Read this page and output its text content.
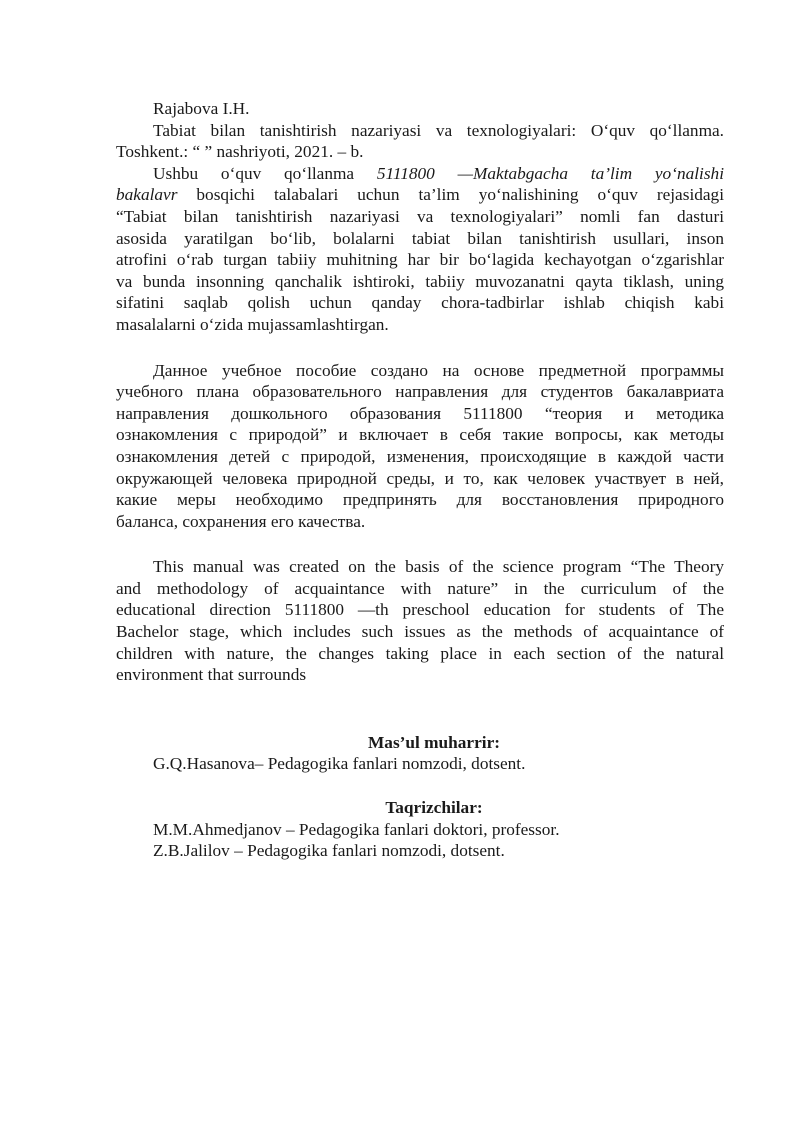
Rajabova I.H.
Tabiat bilan tanishtirish nazariyasi va texnologiyalari: O‘quv qo‘llanma.
Toshkent.: “ ” nashriyoti, 2021. – b.
Ushbu o‘quv qo‘llanma 5111800 —Maktabgacha ta’lim yo‘nalishi
bakalavr bosqichi talabalari uchun ta’lim yo‘nalishining o‘quv rejasidagi
“Tabiat bilan tanishtirish nazariyasi va texnologiyalari” nomli fan dasturi
asosida yaratilgan bo‘lib, bolalarni tabiat bilan tanishtirish usullari, inson
atrofini o‘rab turgan tabiiy muhitning har bir bo‘lagida kechayotgan o‘zgarishlar
va bunda insonning qanchalik ishtiroki, tabiiy muvozanatni qayta tiklash, uning
sifatini saqlab qolish uchun qanday chora-tadbirlar ishlab chiqish kabi
masalalarni o‘zida mujassamlashtirgan.
Данное учебное пособие создано на основе предметной программы
учебного плана образовательного направления для студентов бакалавриата
направления дошкольного образования 5111800 “теория и методика
ознакомления с природой” и включает в себя такие вопросы, как методы
ознакомления детей с природой, изменения, происходящие в каждой части
окружающей человека природной среды, и то, как человек участвует в ней,
какие меры необходимо предпринять для восстановления природного
баланса, сохранения его качества.
This manual was created on the basis of the science program “The Theory
and methodology of acquaintance with nature” in the curriculum of the
educational direction 5111800 —th preschool education for students of The
Bachelor stage, which includes such issues as the methods of acquaintance of
children with nature, the changes taking place in each section of the natural
environment that surrounds
Mas’ul muharrir:
G.Q.Hasanova– Pedagogika fanlari nomzodi, dotsent.
Taqrizchilar:
M.M.Ahmedjanov – Pedagogika fanlari doktori, professor.
Z.B.Jalilov – Pedagogika fanlari nomzodi, dotsent.
